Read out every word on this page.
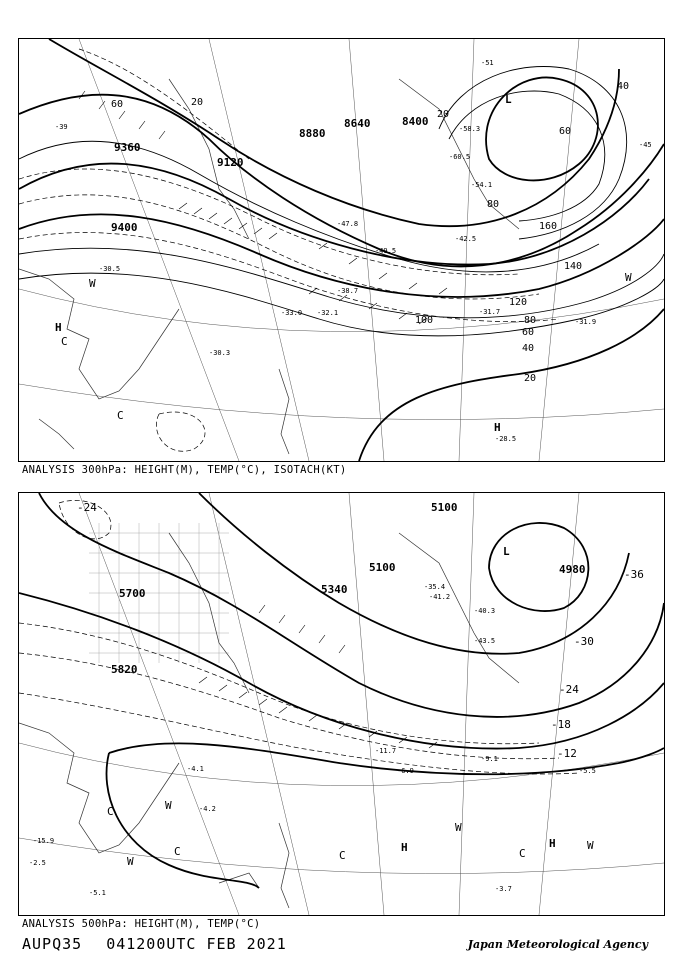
9360
9120
8880
8640	8400
9400
20
40
60
80
100
120
140
160
60
80
40
20
60	20
-33.0
-30.5
-32.1
-38.7
-31.7
-31.9
-28.5
-30.3
-54.1
-60.5
-58.3
-47.8
-49.5
-42.5
-39
-51
-45
L
H
C
W
C
W
H
ANALYSIS 300hPa: HEIGHT(M), TEMP(°C), ISOTACH(KT)
5700
5820
5100
5340
5100
4980
-24
-30
-36
-24
-18
-12
-4.1
-4.2
-5.1	-3.7
-5.5
-6.9
-11.7
-35.4
-40.3
-41.2
-43.5
-9.1
-15.9
-2.5
L
C	W
C
W	C
H	C
H
W
W
ANALYSIS 500hPa: HEIGHT(M), TEMP(°C)
AUPQ35 041200UTC FEB 2021	Japan Meteorological Agency
